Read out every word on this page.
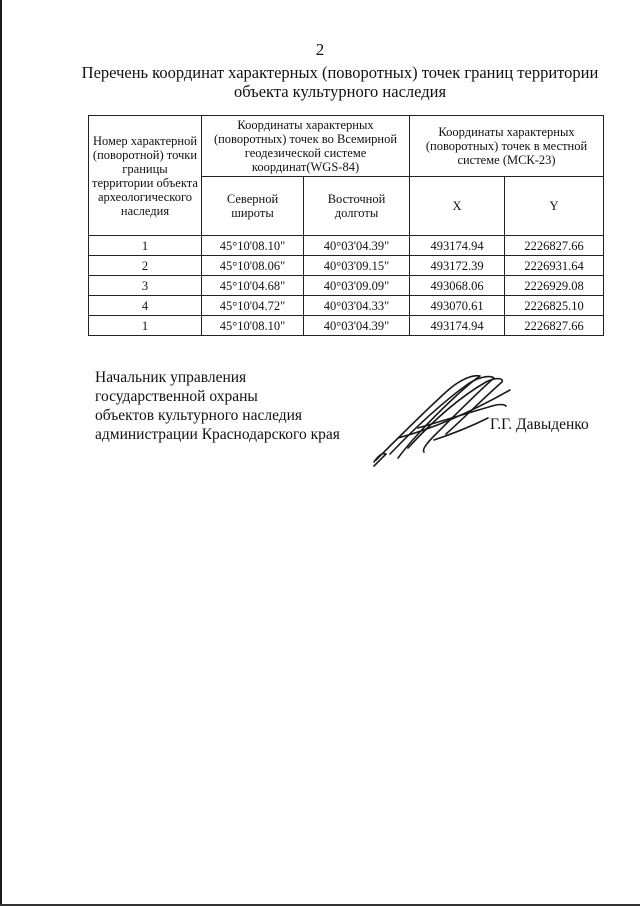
2
Перечень координат характерных (поворотных) точек границ территории
объекта культурного наследия
Номер характерной (поворотной) точки границы территории объекта археологического наследия	Координаты характерных (поворотных) точек во Всемирной геодезической системе координат(WGS-84)		Координаты характерных (поворотных) точек в местной системе (МСК-23)	
	Северной широты	Восточной долготы	X	Y
1	45°10'08.10"	40°03'04.39"	493174.94	2226827.66
2	45°10'08.06"	40°03'09.15"	493172.39	2226931.64
3	45°10'04.68"	40°03'09.09"	493068.06	2226929.08
4	45°10'04.72"	40°03'04.33"	493070.61	2226825.10
1	45°10'08.10"	40°03'04.39"	493174.94	2226827.66
Начальник управления
государственной охраны
объектов культурного наследия
администрации Краснодарского края
Г.Г. Давыденко
